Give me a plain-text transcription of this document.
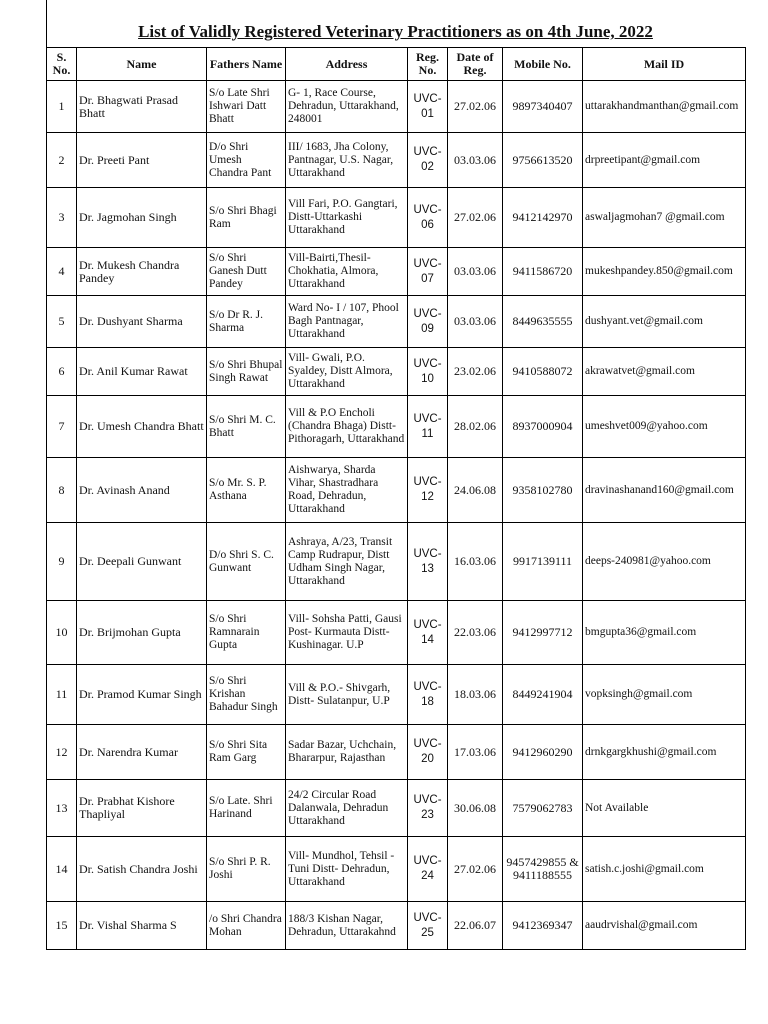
List of Validly Registered Veterinary Practitioners as on 4th June, 2022
S. No.	Name	Fathers Name	Address	Reg. No.	Date of Reg.	Mobile No.	Mail ID
1	Dr. Bhagwati Prasad Bhatt	S/o Late Shri Ishwari Datt Bhatt	G- 1, Race Course, Dehradun, Uttarakhand, 248001	UVC-01	27.02.06	9897340407	uttarakhandmanthan@gmail.com
2	Dr. Preeti Pant	D/o Shri Umesh Chandra Pant	III/ 1683, Jha Colony, Pantnagar, U.S. Nagar, Uttarakhand	UVC-02	03.03.06	9756613520	drpreetipant@gmail.com
3	Dr. Jagmohan Singh	S/o Shri Bhagi Ram	Vill Fari, P.O. Gangtari, Distt-Uttarkashi Uttarakhand	UVC-06	27.02.06	9412142970	aswaljagmohan7 @gmail.com
4	Dr. Mukesh Chandra Pandey	S/o Shri Ganesh Dutt Pandey	Vill-Bairti,Thesil-Chokhatia, Almora, Uttarakhand	UVC-07	03.03.06	9411586720	mukeshpandey.850@gmail.com
5	Dr. Dushyant Sharma	S/o Dr R. J. Sharma	Ward No- I / 107, Phool Bagh Pantnagar, Uttarakhand	UVC-09	03.03.06	8449635555	dushyant.vet@gmail.com
6	Dr. Anil Kumar Rawat	S/o Shri Bhupal Singh Rawat	Vill- Gwali, P.O. Syaldey, Distt Almora, Uttarakhand	UVC-10	23.02.06	9410588072	akrawatvet@gmail.com
7	Dr. Umesh Chandra Bhatt	S/o Shri M. C. Bhatt	Vill & P.O Encholi (Chandra Bhaga) Distt- Pithoragarh, Uttarakhand	UVC-11	28.02.06	8937000904	umeshvet009@yahoo.com
8	Dr. Avinash Anand	S/o Mr. S. P. Asthana	Aishwarya, Sharda Vihar, Shastradhara Road, Dehradun, Uttarakhand	UVC-12	24.06.08	9358102780	dravinashanand160@gmail.com
9	Dr. Deepali Gunwant	D/o Shri S. C. Gunwant	Ashraya, A/23, Transit Camp Rudrapur, Distt Udham Singh Nagar, Uttarakhand	UVC-13	16.03.06	9917139111	deeps-240981@yahoo.com
10	Dr. Brijmohan Gupta	S/o Shri Ramnarain Gupta	Vill- Sohsha Patti, Gausi Post- Kurmauta Distt- Kushinagar. U.P	UVC-14	22.03.06	9412997712	bmgupta36@gmail.com
11	Dr. Pramod Kumar Singh	S/o Shri Krishan Bahadur Singh	Vill & P.O.- Shivgarh, Distt- Sulatanpur, U.P	UVC-18	18.03.06	8449241904	vopksingh@gmail.com
12	Dr. Narendra Kumar	S/o Shri Sita Ram Garg	Sadar Bazar, Uchchain, Bhararpur, Rajasthan	UVC-20	17.03.06	9412960290	drnkgargkhushi@gmail.com
13	Dr. Prabhat Kishore Thapliyal	S/o Late. Shri Harinand	24/2 Circular Road Dalanwala, Dehradun Uttarakhand	UVC-23	30.06.08	7579062783	Not Available
14	Dr. Satish Chandra Joshi	S/o Shri P. R. Joshi	Vill- Mundhol, Tehsil - Tuni Distt- Dehradun, Uttarakhand	UVC-24	27.02.06	9457429855 & 9411188555	satish.c.joshi@gmail.com
15	Dr. Vishal Sharma S	/o Shri Chandra Mohan	188/3 Kishan Nagar, Dehradun, Uttarakahnd	UVC-25	22.06.07	9412369347	aaudrvishal@gmail.com
